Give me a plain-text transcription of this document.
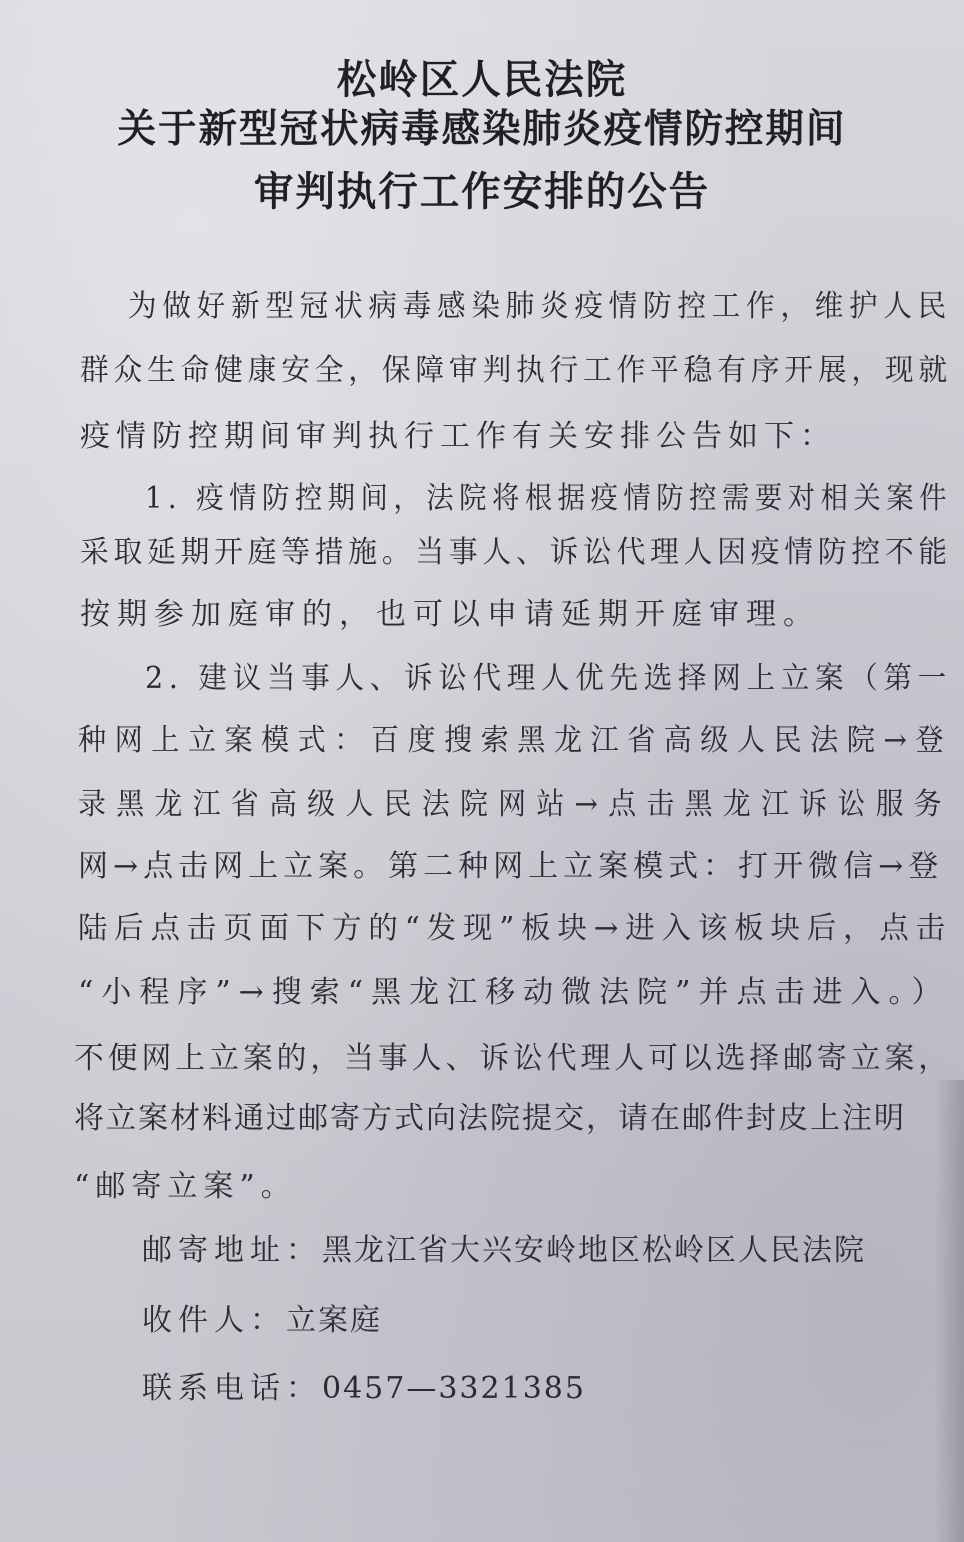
松岭区人民法院
关于新型冠状病毒感染肺炎疫情防控期间
审判执行工作安排的公告
为做好新型冠状病毒感染肺炎疫情防控工作，维护人民
群众生命健康安全，保障审判执行工作平稳有序开展，现就
疫情防控期间审判执行工作有关安排公告如下：
1. 疫情防控期间，法院将根据疫情防控需要对相关案件
采取延期开庭等措施。当事人、诉讼代理人因疫情防控不能
按期参加庭审的，也可以申请延期开庭审理。
2. 建议当事人、诉讼代理人优先选择网上立案（第一
种网上立案模式：百度搜索黑龙江省高级人民法院→登
录黑龙江省高级人民法院网站→点击黑龙江诉讼服务
网→点击网上立案。第二种网上立案模式：打开微信→登
陆后点击页面下方的“发现”板块→进入该板块后，点击
“小程序”→搜索“黑龙江移动微法院”并点击进入。）
不便网上立案的，当事人、诉讼代理人可以选择邮寄立案，
将立案材料通过邮寄方式向法院提交，请在邮件封皮上注明
“邮寄立案”。
邮寄地址：黑龙江省大兴安岭地区松岭区人民法院
收件人：立案庭
联系电话：0457—3321385
